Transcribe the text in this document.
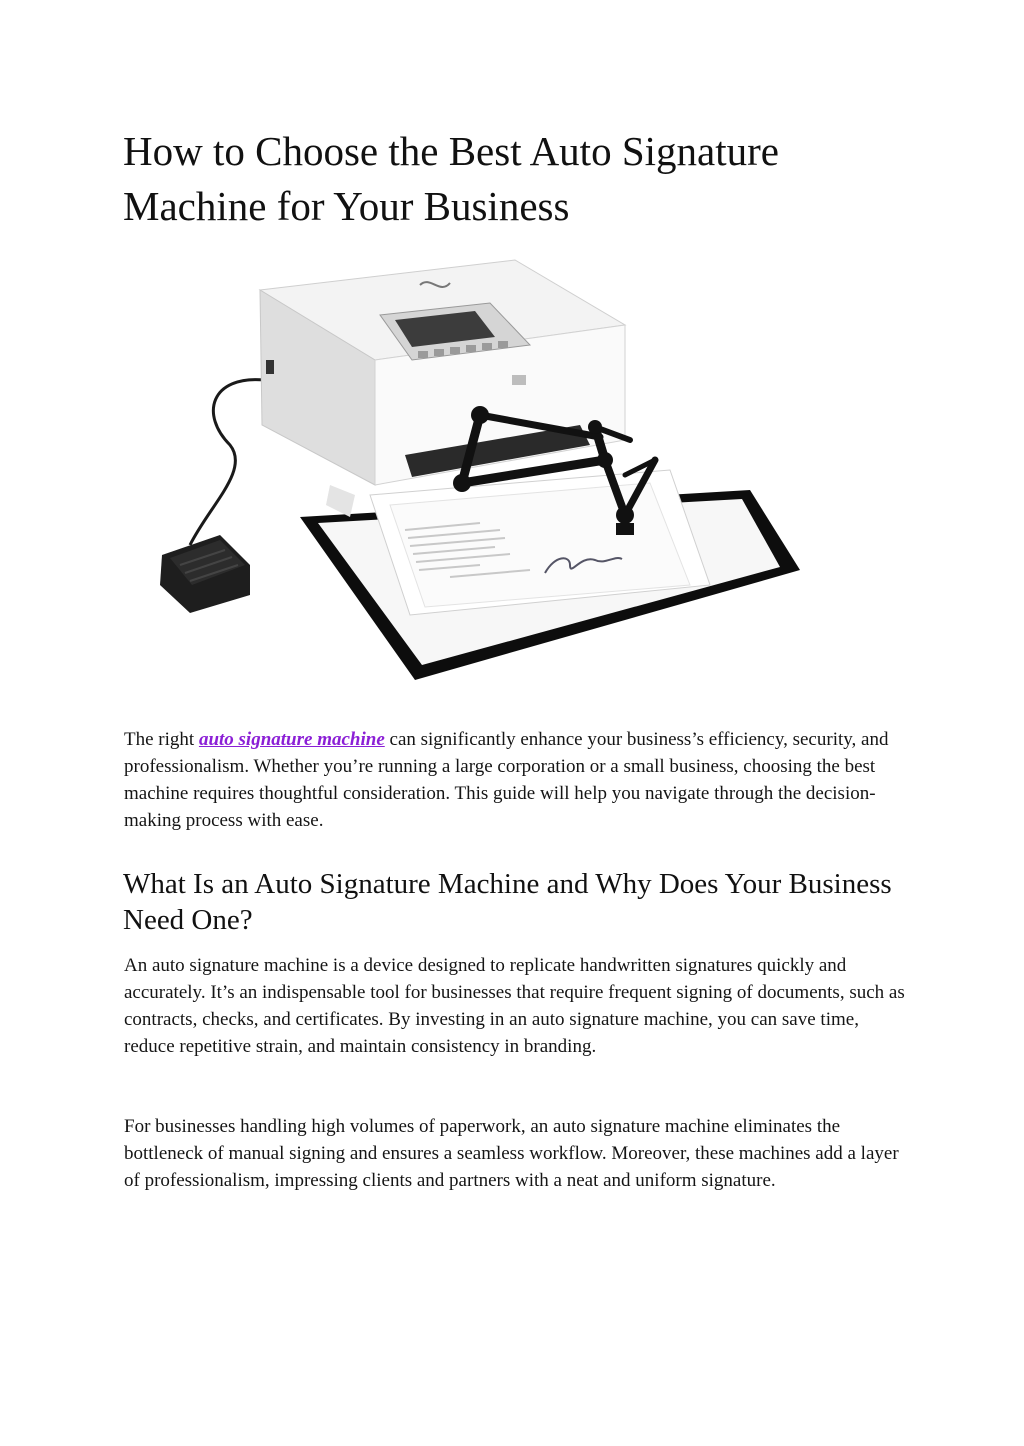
How to Choose the Best Auto Signature Machine for Your Business

The right auto signature machine can significantly enhance your business’s efficiency, security, and professionalism. Whether you’re running a large corporation or a small business, choosing the best machine requires thoughtful consideration. This guide will help you navigate through the decision-making process with ease.

What Is an Auto Signature Machine and Why Does Your Business Need One?

An auto signature machine is a device designed to replicate handwritten signatures quickly and accurately. It’s an indispensable tool for businesses that require frequent signing of documents, such as contracts, checks, and certificates. By investing in an auto signature machine, you can save time, reduce repetitive strain, and maintain consistency in branding.

For businesses handling high volumes of paperwork, an auto signature machine eliminates the bottleneck of manual signing and ensures a seamless workflow. Moreover, these machines add a layer of professionalism, impressing clients and partners with a neat and uniform signature.
